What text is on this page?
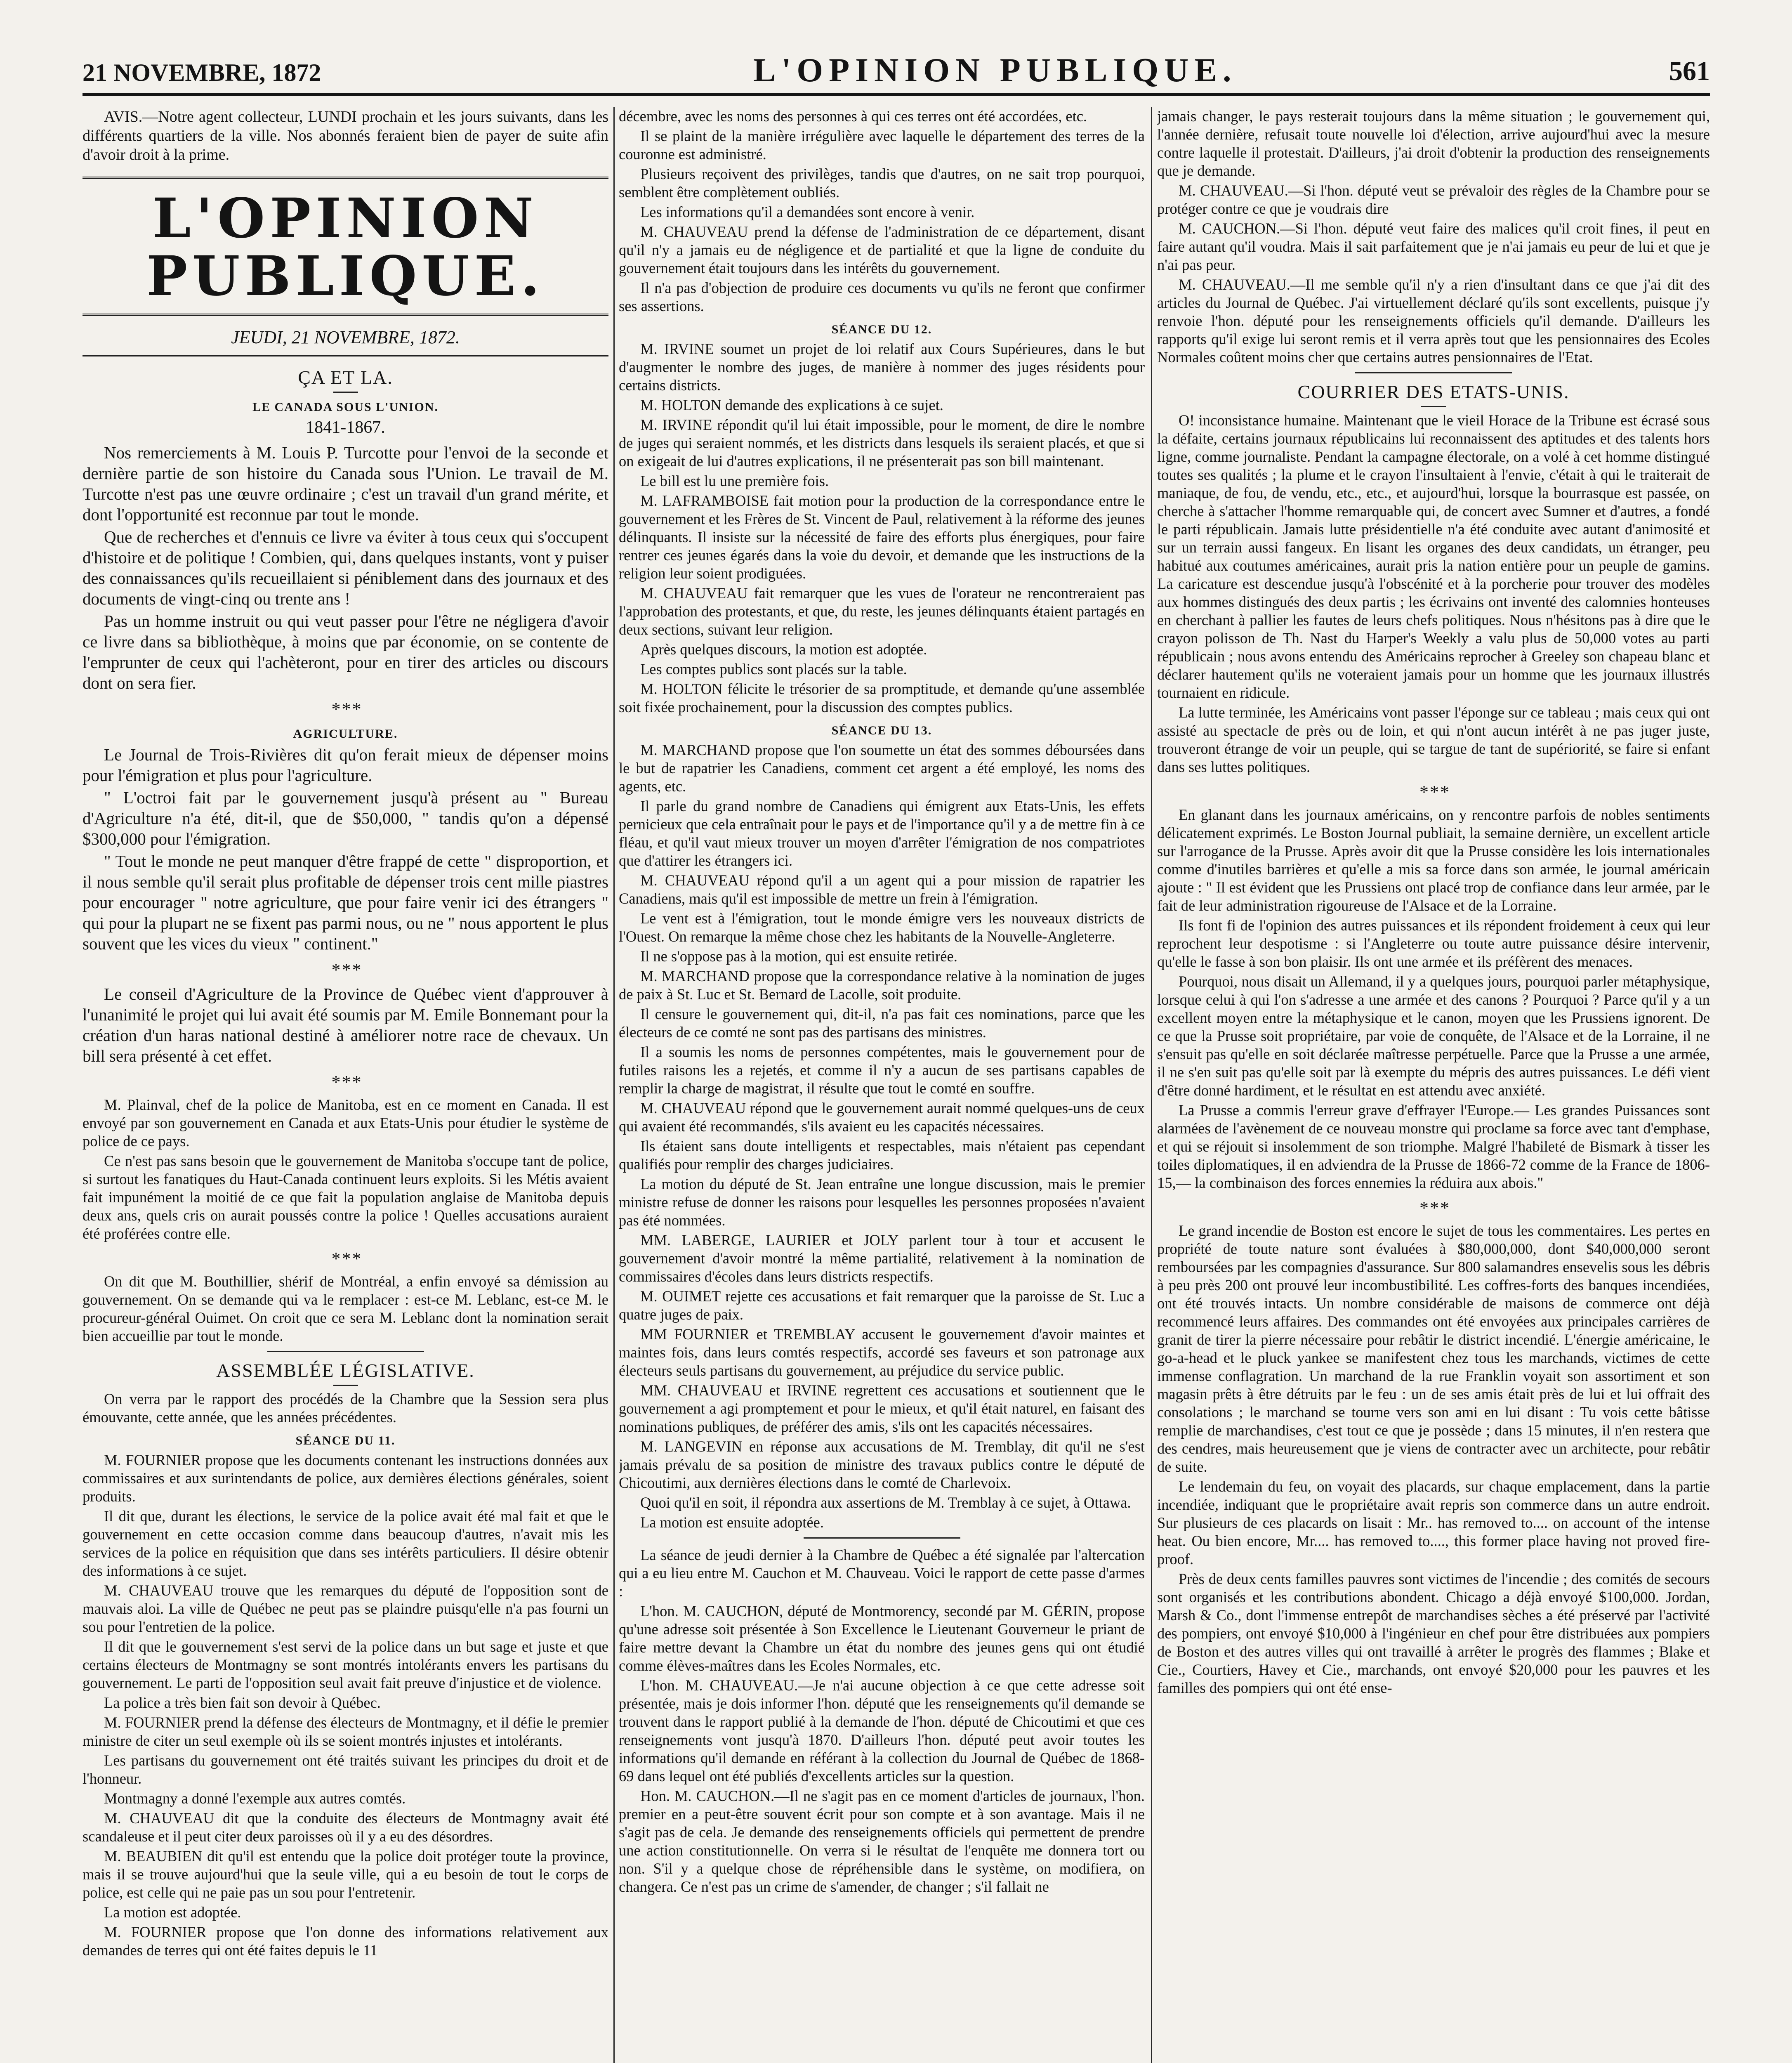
21 NOVEMBRE, 1872	L'OPINION PUBLIQUE.	561

AVIS.—Notre agent collecteur, LUNDI prochain et les jours suivants, dans les différents quartiers de la ville. Nos abonnés feraient bien de payer de suite afin d'avoir droit à la prime.

L'OPINION PUBLIQUE.
JEUDI, 21 NOVEMBRE, 1872.
ÇA ET LA.
LE CANADA SOUS L'UNION.
1841-1867.

Nos remerciements à M. Louis P. Turcotte pour l'envoi de la seconde et dernière partie de son histoire du Canada sous l'Union. Le travail de M. Turcotte n'est pas une œuvre ordinaire ; c'est un travail d'un grand mérite, et dont l'opportunité est reconnue par tout le monde.

Que de recherches et d'ennuis ce livre va éviter à tous ceux qui s'occupent d'histoire et de politique ! Combien, qui, dans quelques instants, vont y puiser des connaissances qu'ils recueillaient si péniblement dans des journaux et des documents de vingt-cinq ou trente ans !

Pas un homme instruit ou qui veut passer pour l'être ne négligera d'avoir ce livre dans sa bibliothèque, à moins que par économie, on se contente de l'emprunter de ceux qui l'achèteront, pour en tirer des articles ou discours dont on sera fier.

* * *
AGRICULTURE.

Le Journal de Trois-Rivières dit qu'on ferait mieux de dépenser moins pour l'émigration et plus pour l'agriculture.

" L'octroi fait par le gouvernement jusqu'à présent au " Bureau d'Agriculture n'a été, dit-il, que de $50,000, " tandis qu'on a dépensé $300,000 pour l'émigration.

" Tout le monde ne peut manquer d'être frappé de cette " disproportion, et il nous semble qu'il serait plus profitable de dépenser trois cent mille piastres pour encourager " notre agriculture, que pour faire venir ici des étrangers " qui pour la plupart ne se fixent pas parmi nous, ou ne " nous apportent le plus souvent que les vices du vieux " continent."

* * *

Le conseil d'Agriculture de la Province de Québec vient d'approuver à l'unanimité le projet qui lui avait été soumis par M. Emile Bonnemant pour la création d'un haras national destiné à améliorer notre race de chevaux. Un bill sera présenté à cet effet.

* * *

M. Plainval, chef de la police de Manitoba, est en ce moment en Canada. Il est envoyé par son gouvernement en Canada et aux Etats-Unis pour étudier le système de police de ce pays.

Ce n'est pas sans besoin que le gouvernement de Manitoba s'occupe tant de police, si surtout les fanatiques du Haut-Canada continuent leurs exploits. Si les Métis avaient fait impunément la moitié de ce que fait la population anglaise de Manitoba depuis deux ans, quels cris on aurait poussés contre la police ! Quelles accusations auraient été proférées contre elle.

* * *

On dit que M. Bouthillier, shérif de Montréal, a enfin envoyé sa démission au gouvernement. On se demande qui va le remplacer : est-ce M. Leblanc, est-ce M. le procureur-général Ouimet. On croit que ce sera M. Leblanc dont la nomination serait bien accueillie par tout le monde.

ASSEMBLÉE LÉGISLATIVE.

On verra par le rapport des procédés de la Chambre que la Session sera plus émouvante, cette année, que les années précédentes.

SÉANCE DU 11.

M. FOURNIER propose que les documents contenant les instructions données aux commissaires et aux surintendants de police, aux dernières élections générales, soient produits.

Il dit que, durant les élections, le service de la police avait été mal fait et que le gouvernement en cette occasion comme dans beaucoup d'autres, n'avait mis les services de la police en réquisition que dans ses intérêts particuliers. Il désire obtenir des informations à ce sujet.

M. CHAUVEAU trouve que les remarques du député de l'opposition sont de mauvais aloi. La ville de Québec ne peut pas se plaindre puisqu'elle n'a pas fourni un sou pour l'entretien de la police.

Il dit que le gouvernement s'est servi de la police dans un but sage et juste et que certains électeurs de Montmagny se sont montrés intolérants envers les partisans du gouvernement. Le parti de l'opposition seul avait fait preuve d'injustice et de violence.

La police a très bien fait son devoir à Québec.

M. FOURNIER prend la défense des électeurs de Montmagny, et il défie le premier ministre de citer un seul exemple où ils se soient montrés injustes et intolérants.

Les partisans du gouvernement ont été traités suivant les principes du droit et de l'honneur.

Montmagny a donné l'exemple aux autres comtés.

M. CHAUVEAU dit que la conduite des électeurs de Montmagny avait été scandaleuse et il peut citer deux paroisses où il y a eu des désordres.

M. BEAUBIEN dit qu'il est entendu que la police doit protéger toute la province, mais il se trouve aujourd'hui que la seule ville, qui a eu besoin de tout le corps de police, est celle qui ne paie pas un sou pour l'entretenir.

La motion est adoptée.

M. FOURNIER propose que l'on donne des informations relativement aux demandes de terres qui ont été faites depuis le 11

décembre, avec les noms des personnes à qui ces terres ont été accordées, etc.

Il se plaint de la manière irrégulière avec laquelle le département des terres de la couronne est administré.

Plusieurs reçoivent des privilèges, tandis que d'autres, on ne sait trop pourquoi, semblent être complètement oubliés.

Les informations qu'il a demandées sont encore à venir.

M. CHAUVEAU prend la défense de l'administration de ce département, disant qu'il n'y a jamais eu de négligence et de partialité et que la ligne de conduite du gouvernement était toujours dans les intérêts du gouvernement.

Il n'a pas d'objection de produire ces documents vu qu'ils ne feront que confirmer ses assertions.

SÉANCE DU 12.

M. IRVINE soumet un projet de loi relatif aux Cours Supérieures, dans le but d'augmenter le nombre des juges, de manière à nommer des juges résidents pour certains districts.

M. HOLTON demande des explications à ce sujet.

M. IRVINE répondit qu'il lui était impossible, pour le moment, de dire le nombre de juges qui seraient nommés, et les districts dans lesquels ils seraient placés, et que si on exigeait de lui d'autres explications, il ne présenterait pas son bill maintenant.

Le bill est lu une première fois.

M. LAFRAMBOISE fait motion pour la production de la correspondance entre le gouvernement et les Frères de St. Vincent de Paul, relativement à la réforme des jeunes délinquants. Il insiste sur la nécessité de faire des efforts plus énergiques, pour faire rentrer ces jeunes égarés dans la voie du devoir, et demande que les instructions de la religion leur soient prodiguées.

M. CHAUVEAU fait remarquer que les vues de l'orateur ne rencontreraient pas l'approbation des protestants, et que, du reste, les jeunes délinquants étaient partagés en deux sections, suivant leur religion.

Après quelques discours, la motion est adoptée.

Les comptes publics sont placés sur la table.

M. HOLTON félicite le trésorier de sa promptitude, et demande qu'une assemblée soit fixée prochainement, pour la discussion des comptes publics.

SÉANCE DU 13.

M. MARCHAND propose que l'on soumette un état des sommes déboursées dans le but de rapatrier les Canadiens, comment cet argent a été employé, les noms des agents, etc.

Il parle du grand nombre de Canadiens qui émigrent aux Etats-Unis, les effets pernicieux que cela entraînait pour le pays et de l'importance qu'il y a de mettre fin à ce fléau, et qu'il vaut mieux trouver un moyen d'arrêter l'émigration de nos compatriotes que d'attirer les étrangers ici.

M. CHAUVEAU répond qu'il a un agent qui a pour mission de rapatrier les Canadiens, mais qu'il est impossible de mettre un frein à l'émigration.

Le vent est à l'émigration, tout le monde émigre vers les nouveaux districts de l'Ouest. On remarque la même chose chez les habitants de la Nouvelle-Angleterre.

Il ne s'oppose pas à la motion, qui est ensuite retirée.

M. MARCHAND propose que la correspondance relative à la nomination de juges de paix à St. Luc et St. Bernard de Lacolle, soit produite.

Il censure le gouvernement qui, dit-il, n'a pas fait ces nominations, parce que les électeurs de ce comté ne sont pas des partisans des ministres.

Il a soumis les noms de personnes compétentes, mais le gouvernement pour de futiles raisons les a rejetés, et comme il n'y a aucun de ses partisans capables de remplir la charge de magistrat, il résulte que tout le comté en souffre.

M. CHAUVEAU répond que le gouvernement aurait nommé quelques-uns de ceux qui avaient été recommandés, s'ils avaient eu les capacités nécessaires.

Ils étaient sans doute intelligents et respectables, mais n'étaient pas cependant qualifiés pour remplir des charges judiciaires.

La motion du député de St. Jean entraîne une longue discussion, mais le premier ministre refuse de donner les raisons pour lesquelles les personnes proposées n'avaient pas été nommées.

MM. LABERGE, LAURIER et JOLY parlent tour à tour et accusent le gouvernement d'avoir montré la même partialité, relativement à la nomination de commissaires d'écoles dans leurs districts respectifs.

M. OUIMET rejette ces accusations et fait remarquer que la paroisse de St. Luc a quatre juges de paix.

MM FOURNIER et TREMBLAY accusent le gouvernement d'avoir maintes et maintes fois, dans leurs comtés respectifs, accordé ses faveurs et son patronage aux électeurs seuls partisans du gouvernement, au préjudice du service public.

MM. CHAUVEAU et IRVINE regrettent ces accusations et soutiennent que le gouvernement a agi promptement et pour le mieux, et qu'il était naturel, en faisant des nominations publiques, de préférer des amis, s'ils ont les capacités nécessaires.

M. LANGEVIN en réponse aux accusations de M. Tremblay, dit qu'il ne s'est jamais prévalu de sa position de ministre des travaux publics contre le député de Chicoutimi, aux dernières élections dans le comté de Charlevoix.

Quoi qu'il en soit, il répondra aux assertions de M. Tremblay à ce sujet, à Ottawa.

La motion est ensuite adoptée.

La séance de jeudi dernier à la Chambre de Québec a été signalée par l'altercation qui a eu lieu entre M. Cauchon et M. Chauveau. Voici le rapport de cette passe d'armes :

L'hon. M. CAUCHON, député de Montmorency, secondé par M. GÉRIN, propose qu'une adresse soit présentée à Son Excellence le Lieutenant Gouverneur le priant de faire mettre devant la Chambre un état du nombre des jeunes gens qui ont étudié comme élèves-maîtres dans les Ecoles Normales, etc.

L'hon. M. CHAUVEAU.—Je n'ai aucune objection à ce que cette adresse soit présentée, mais je dois informer l'hon. député que les renseignements qu'il demande se trouvent dans le rapport publié à la demande de l'hon. député de Chicoutimi et que ces renseignements vont jusqu'à 1870. D'ailleurs l'hon. député peut avoir toutes les informations qu'il demande en référant à la collection du Journal de Québec de 1868-69 dans lequel ont été publiés d'excellents articles sur la question.

Hon. M. CAUCHON.—Il ne s'agit pas en ce moment d'articles de journaux, l'hon. premier en a peut-être souvent écrit pour son compte et à son avantage. Mais il ne s'agit pas de cela. Je demande des renseignements officiels qui permettent de prendre une action constitutionnelle. On verra si le résultat de l'enquête me donnera tort ou non. S'il y a quelque chose de répréhensible dans le système, on modifiera, on changera. Ce n'est pas un crime de s'amender, de changer ; s'il fallait ne

jamais changer, le pays resterait toujours dans la même situation ; le gouvernement qui, l'année dernière, refusait toute nouvelle loi d'élection, arrive aujourd'hui avec la mesure contre laquelle il protestait. D'ailleurs, j'ai droit d'obtenir la production des renseignements que je demande.

M. CHAUVEAU.—Si l'hon. député veut se prévaloir des règles de la Chambre pour se protéger contre ce que je voudrais dire

M. CAUCHON.—Si l'hon. député veut faire des malices qu'il croit fines, il peut en faire autant qu'il voudra. Mais il sait parfaitement que je n'ai jamais eu peur de lui et que je n'ai pas peur.

M. CHAUVEAU.—Il me semble qu'il n'y a rien d'insultant dans ce que j'ai dit des articles du Journal de Québec. J'ai virtuellement déclaré qu'ils sont excellents, puisque j'y renvoie l'hon. député pour les renseignements officiels qu'il demande. D'ailleurs les rapports qu'il exige lui seront remis et il verra après tout que les pensionnaires des Ecoles Normales coûtent moins cher que certains autres pensionnaires de l'Etat.

COURRIER DES ETATS-UNIS.

O! inconsistance humaine. Maintenant que le vieil Horace de la Tribune est écrasé sous la défaite, certains journaux républicains lui reconnaissent des aptitudes et des talents hors ligne, comme journaliste. Pendant la campagne électorale, on a volé à cet homme distingué toutes ses qualités ; la plume et le crayon l'insultaient à l'envie, c'était à qui le traiterait de maniaque, de fou, de vendu, etc., etc., et aujourd'hui, lorsque la bourrasque est passée, on cherche à s'attacher l'homme remarquable qui, de concert avec Sumner et d'autres, a fondé le parti républicain. Jamais lutte présidentielle n'a été conduite avec autant d'animosité et sur un terrain aussi fangeux. En lisant les organes des deux candidats, un étranger, peu habitué aux coutumes américaines, aurait pris la nation entière pour un peuple de gamins. La caricature est descendue jusqu'à l'obscénité et à la porcherie pour trouver des modèles aux hommes distingués des deux partis ; les écrivains ont inventé des calomnies honteuses en cherchant à pallier les fautes de leurs chefs politiques. Nous n'hésitons pas à dire que le crayon polisson de Th. Nast du Harper's Weekly a valu plus de 50,000 votes au parti républicain ; nous avons entendu des Américains reprocher à Greeley son chapeau blanc et déclarer hautement qu'ils ne voteraient jamais pour un homme que les journaux illustrés tournaient en ridicule.

La lutte terminée, les Américains vont passer l'éponge sur ce tableau ; mais ceux qui ont assisté au spectacle de près ou de loin, et qui n'ont aucun intérêt à ne pas juger juste, trouveront étrange de voir un peuple, qui se targue de tant de supériorité, se faire si enfant dans ses luttes politiques.

* * *

En glanant dans les journaux américains, on y rencontre parfois de nobles sentiments délicatement exprimés. Le Boston Journal publiait, la semaine dernière, un excellent article sur l'arrogance de la Prusse. Après avoir dit que la Prusse considère les lois internationales comme d'inutiles barrières et qu'elle a mis sa force dans son armée, le journal américain ajoute : " Il est évident que les Prussiens ont placé trop de confiance dans leur armée, par le fait de leur administration rigoureuse de l'Alsace et de la Lorraine.

Ils font fi de l'opinion des autres puissances et ils répondent froidement à ceux qui leur reprochent leur despotisme : si l'Angleterre ou toute autre puissance désire intervenir, qu'elle le fasse à son bon plaisir. Ils ont une armée et ils préfèrent des menaces.

Pourquoi, nous disait un Allemand, il y a quelques jours, pourquoi parler métaphysique, lorsque celui à qui l'on s'adresse a une armée et des canons ? Pourquoi ? Parce qu'il y a un excellent moyen entre la métaphysique et le canon, moyen que les Prussiens ignorent. De ce que la Prusse soit propriétaire, par voie de conquête, de l'Alsace et de la Lorraine, il ne s'ensuit pas qu'elle en soit déclarée maîtresse perpétuelle. Parce que la Prusse a une armée, il ne s'en suit pas qu'elle soit par là exempte du mépris des autres puissances. Le défi vient d'être donné hardiment, et le résultat en est attendu avec anxiété.

La Prusse a commis l'erreur grave d'effrayer l'Europe.— Les grandes Puissances sont alarmées de l'avènement de ce nouveau monstre qui proclame sa force avec tant d'emphase, et qui se réjouit si insolemment de son triomphe. Malgré l'habileté de Bismark à tisser les toiles diplomatiques, il en adviendra de la Prusse de 1866-72 comme de la France de 1806-15,— la combinaison des forces ennemies la réduira aux abois."

* * *

Le grand incendie de Boston est encore le sujet de tous les commentaires. Les pertes en propriété de toute nature sont évaluées à $80,000,000, dont $40,000,000 seront remboursées par les compagnies d'assurance. Sur 800 salamandres ensevelis sous les débris à peu près 200 ont prouvé leur incombustibilité. Les coffres-forts des banques incendiées, ont été trouvés intacts. Un nombre considérable de maisons de commerce ont déjà recommencé leurs affaires. Des commandes ont été envoyées aux principales carrières de granit de tirer la pierre nécessaire pour rebâtir le district incendié. L'énergie américaine, le go-a-head et le pluck yankee se manifestent chez tous les marchands, victimes de cette immense conflagration. Un marchand de la rue Franklin voyait son assortiment et son magasin prêts à être détruits par le feu : un de ses amis était près de lui et lui offrait des consolations ; le marchand se tourne vers son ami en lui disant : Tu vois cette bâtisse remplie de marchandises, c'est tout ce que je possède ; dans 15 minutes, il n'en restera que des cendres, mais heureusement que je viens de contracter avec un architecte, pour rebâtir de suite.

Le lendemain du feu, on voyait des placards, sur chaque emplacement, dans la partie incendiée, indiquant que le propriétaire avait repris son commerce dans un autre endroit. Sur plusieurs de ces placards on lisait : Mr.. has removed to.... on account of the intense heat. Ou bien encore, Mr.... has removed to...., this former place having not proved fire-proof.

Près de deux cents familles pauvres sont victimes de l'incendie ; des comités de secours sont organisés et les contributions abondent. Chicago a déjà envoyé $100,000. Jordan, Marsh & Co., dont l'immense entrepôt de marchandises sèches a été préservé par l'activité des pompiers, ont envoyé $10,000 à l'ingénieur en chef pour être distribuées aux pompiers de Boston et des autres villes qui ont travaillé à arrêter le progrès des flammes ; Blake et Cie., Courtiers, Havey et Cie., marchands, ont envoyé $20,000 pour les pauvres et les familles des pompiers qui ont été ense-
